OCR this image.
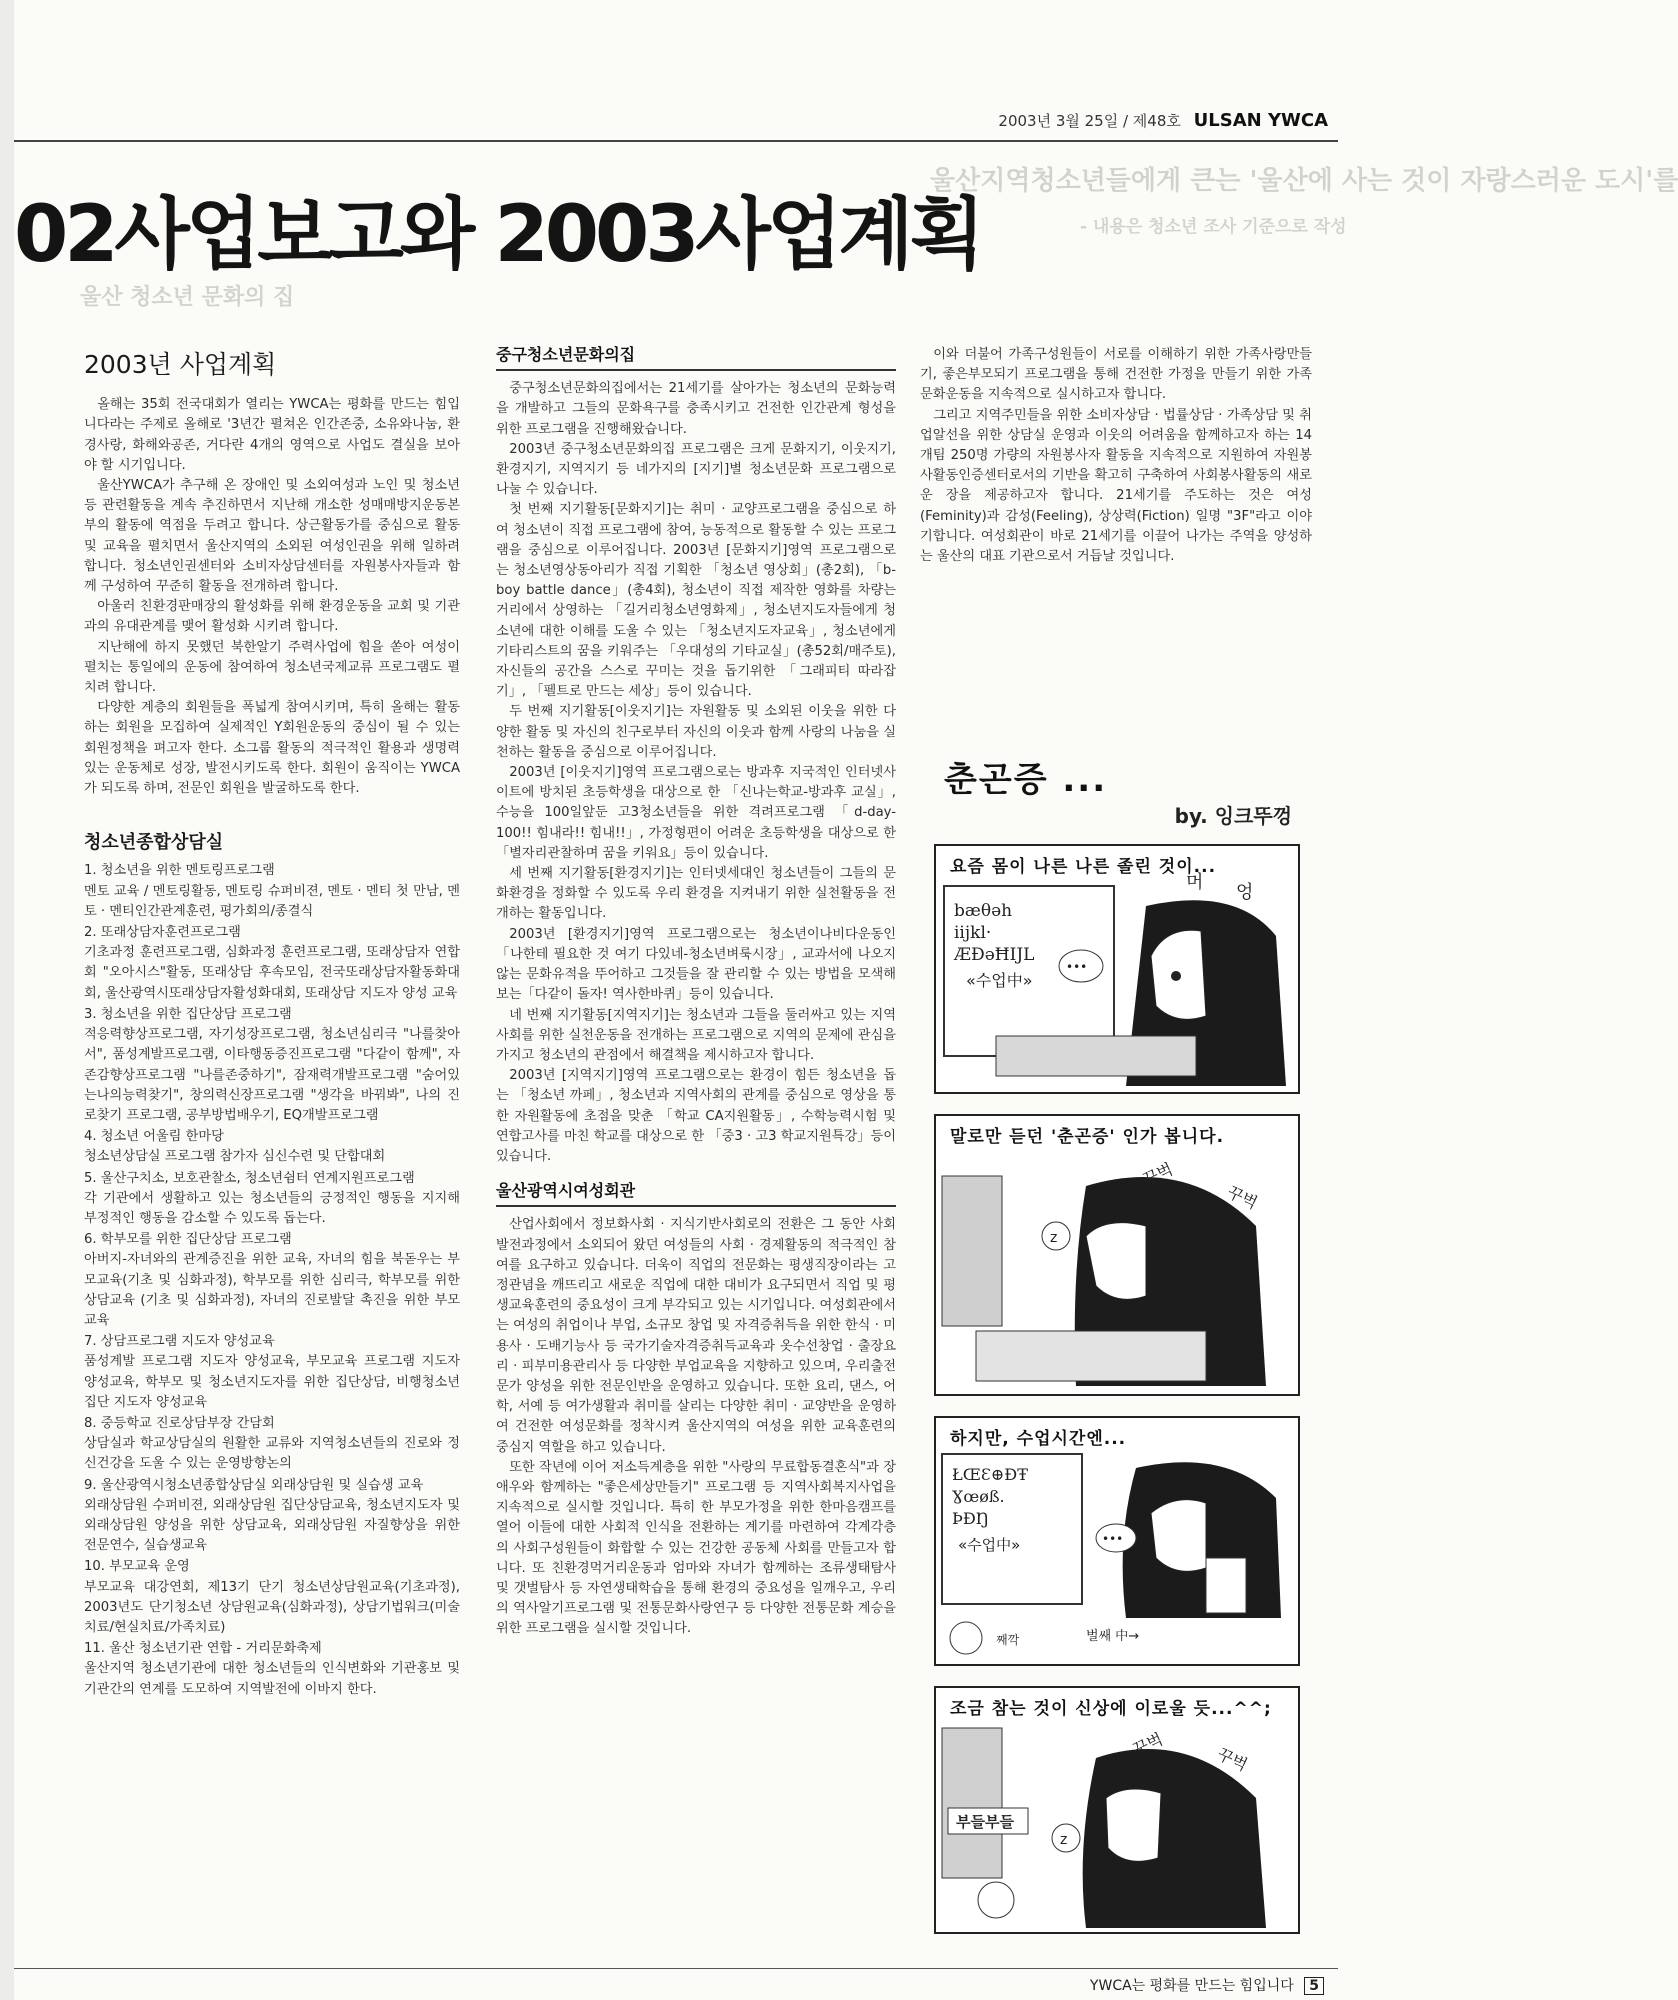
2003년 3월 25일 / 제48호 ULSAN YWCA
울산지역청소년들에게 큰는 '울산에 사는 것이 자랑스러운 도시'를
- 내용은 청소년 조사 기준으로 작성
울산 청소년 문화의 집
02사업보고와 2003사업계획
2003년 사업계획

올해는 35회 전국대회가 열리는 YWCA는 평화를 만드는 힘입니다라는 주제로 올해로 '3년간 펼쳐온 인간존중, 소유와나눔, 환경사랑, 화해와공존, 거다란 4개의 영역으로 사업도 결실을 보아야 할 시기입니다.

울산YWCA가 추구해 온 장애인 및 소외여성과 노인 및 청소년 등 관련활동을 계속 추진하면서 지난해 개소한 성매매방지운동본부의 활동에 역점을 두려고 합니다. 상근활동가를 중심으로 활동 및 교육을 펼치면서 울산지역의 소외된 여성인권을 위해 일하려 합니다. 청소년인권센터와 소비자상담센터를 자원봉사자들과 함께 구성하여 꾸준히 활동을 전개하려 합니다.

아울러 친환경판매장의 활성화를 위해 환경운동을 교회 및 기관과의 유대관계를 맺어 활성화 시키려 합니다.

지난해에 하지 못했던 북한알기 주력사업에 힘을 쏟아 여성이 펼치는 통일에의 운동에 참여하여 청소년국제교류 프로그램도 펼치려 합니다.

다양한 계층의 회원들을 폭넓게 참여시키며, 특히 올해는 활동하는 회원을 모집하여 실제적인 Y회원운동의 중심이 될 수 있는 회원정책을 펴고자 한다. 소그룹 활동의 적극적인 활용과 생명력있는 운동체로 성장, 발전시키도록 한다. 회원이 움직이는 YWCA가 되도록 하며, 전문인 회원을 발굴하도록 한다.

청소년종합상담실
1. 청소년을 위한 멘토링프로그램
멘토 교육 / 멘토링활동, 멘토링 슈퍼비젼, 멘토 · 멘티 첫 만남, 멘토 · 멘티인간관계훈련, 평가회의/종결식
2. 또래상담자훈련프로그램
기초과정 훈련프로그램, 심화과정 훈련프로그램, 또래상담자 연합회 "오아시스"활동, 또래상담 후속모임, 전국또래상담자활동화대회, 울산광역시또래상담자활성화대회, 또래상담 지도자 양성 교육
3. 청소년을 위한 집단상담 프로그램
적응력향상프로그램, 자기성장프로그램, 청소년심리극 "나를찾아서", 품성계발프로그램, 이타행동증진프로그램 "다같이 함께", 자존감향상프로그램 "나를존중하기", 잠재력개발프로그램 "숨어있는나의능력찾기", 창의력신장프로그램 "생각을 바꿔봐", 나의 진로찾기 프로그램, 공부방법배우기, EQ개발프로그램
4. 청소년 어울림 한마당
청소년상담실 프로그램 참가자 심신수련 및 단합대회
5. 울산구치소, 보호관찰소, 청소년쉼터 연계지원프로그램
각 기관에서 생활하고 있는 청소년들의 긍정적인 행동을 지지해 부정적인 행동을 감소할 수 있도록 돕는다.
6. 학부모를 위한 집단상담 프로그램
아버지-자녀와의 관계증진을 위한 교육, 자녀의 힘을 북돋우는 부모교육(기초 및 심화과정), 학부모를 위한 심리극, 학부모를 위한 상담교육 (기초 및 심화과정), 자녀의 진로발달 촉진을 위한 부모교육
7. 상담프로그램 지도자 양성교육
품성계발 프로그램 지도자 양성교육, 부모교육 프로그램 지도자 양성교육, 학부모 및 청소년지도자를 위한 집단상담, 비행청소년 집단 지도자 양성교육
8. 중등학교 진로상담부장 간담회
상담실과 학교상담실의 원활한 교류와 지역청소년들의 진로와 정신건강을 도울 수 있는 운영방향논의
9. 울산광역시청소년종합상담실 외래상담원 및 실습생 교육
외래상담원 수퍼비젼, 외래상담원 집단상담교육, 청소년지도자 및 외래상담원 양성을 위한 상담교육, 외래상담원 자질향상을 위한 전문연수, 실습생교육
10. 부모교육 운영
부모교육 대강연회, 제13기 단기 청소년상담원교육(기초과정), 2003년도 단기청소년 상담원교육(심화과정), 상담기법워크(미술치료/현실치료/가족치료)
11. 울산 청소년기관 연합 - 거리문화축제
울산지역 청소년기관에 대한 청소년들의 인식변화와 기관홍보 및 기관간의 연계를 도모하여 지역발전에 이바지 한다.
중구청소년문화의집

중구청소년문화의집에서는 21세기를 살아가는 청소년의 문화능력을 개발하고 그들의 문화욕구를 충족시키고 건전한 인간관계 형성을 위한 프로그램을 진행해왔습니다.

2003년 중구청소년문화의집 프로그램은 크게 문화지기, 이웃지기, 환경지기, 지역지기 등 네가지의 [지기]별 청소년문화 프로그램으로 나눌 수 있습니다.

첫 번째 지기활동[문화지기]는 취미 · 교양프로그램을 중심으로 하여 청소년이 직접 프로그램에 참여, 능동적으로 활동할 수 있는 프로그램을 중심으로 이루어집니다. 2003년 [문화지기]영역 프로그램으로는 청소년영상동아리가 직접 기획한 「청소년 영상회」(총2회), 「b-boy battle dance」(총4회), 청소년이 직접 제작한 영화를 차량는 거리에서 상영하는 「길거리청소년영화제」, 청소년지도자들에게 청소년에 대한 이해를 도울 수 있는 「청소년지도자교육」, 청소년에게 기타리스트의 꿈을 키워주는 「우대성의 기타교실」(총52회/매주토), 자신들의 공간을 스스로 꾸미는 것을 돕기위한 「그래피티 따라잡기」, 「펠트로 만드는 세상」등이 있습니다.

두 번째 지기활동[이웃지기]는 자원활동 및 소외된 이웃을 위한 다양한 활동 및 자신의 친구로부터 자신의 이웃과 함께 사랑의 나눔을 실천하는 활동을 중심으로 이루어집니다.

2003년 [이웃지기]영역 프로그램으로는 방과후 지국적인 인터넷사이트에 방치된 초등학생을 대상으로 한 「신나는학교-방과후 교실」, 수능을 100일앞둔 고3청소년들을 위한 격려프로그램 「d-day-100!! 힘내라!! 힘내!!」, 가정형편이 어려운 초등학생을 대상으로 한 「별자리관찰하며 꿈을 키워요」등이 있습니다.

세 번째 지기활동[환경지기]는 인터넷세대인 청소년들이 그들의 문화환경을 정화할 수 있도록 우리 환경을 지켜내기 위한 실천활동을 전개하는 활동입니다.

2003년 [환경지기]영역 프로그램으로는 청소년이나비다운동인「나한테 필요한 것 여기 다있네-청소년벼룩시장」, 교과서에 나오지 않는 문화유적을 뚜어하고 그것들을 잘 관리할 수 있는 방법을 모색해보는「다같이 돌자! 역사한바퀴」등이 있습니다.

네 번째 지기활동[지역지기]는 청소년과 그들을 둘러싸고 있는 지역사회를 위한 실천운동을 전개하는 프로그램으로 지역의 문제에 관심을 가지고 청소년의 관점에서 해결책을 제시하고자 합니다.

2003년 [지역지기]영역 프로그램으로는 환경이 힘든 청소년을 돕는 「청소년 까페」, 청소년과 지역사회의 관계를 중심으로 영상을 통한 자원활동에 초점을 맞춘 「학교 CA지원활동」, 수학능력시험 및 연합고사를 마친 학교를 대상으로 한 「중3 · 고3 학교지원특강」등이 있습니다.

울산광역시여성회관

산업사회에서 정보화사회 · 지식기반사회로의 전환은 그 동안 사회발전과정에서 소외되어 왔던 여성들의 사회 · 경제활동의 적극적인 참여를 요구하고 있습니다. 더욱이 직업의 전문화는 평생직장이라는 고정관념을 깨뜨리고 새로운 직업에 대한 대비가 요구되면서 직업 및 평생교육훈련의 중요성이 크게 부각되고 있는 시기입니다. 여성회관에서는 여성의 취업이나 부업, 소규모 창업 및 자격증취득을 위한 한식 · 미용사 · 도배기능사 등 국가기술자격증취득교육과 옷수선창업 · 출장요리 · 피부미용관리사 등 다양한 부업교육을 지향하고 있으며, 우리출전문가 양성을 위한 전문인반을 운영하고 있습니다. 또한 요리, 댄스, 어학, 서예 등 여가생활과 취미를 살리는 다양한 취미 · 교양반을 운영하여 건전한 여성문화를 정착시켜 울산지역의 여성을 위한 교육훈련의 중심지 역할을 하고 있습니다.

또한 작년에 이어 저소득계층을 위한 "사랑의 무료합동결혼식"과 장애우와 함께하는 "좋은세상만들기" 프로그램 등 지역사회복지사업을 지속적으로 실시할 것입니다. 특히 한 부모가정을 위한 한마음캠프를 열어 이들에 대한 사회적 인식을 전환하는 계기를 마련하여 각계각층의 사회구성원들이 화합할 수 있는 건강한 공동체 사회를 만들고자 합니다. 또 친환경먹거리운동과 엄마와 자녀가 함께하는 조류생태탐사 및 갯벌탐사 등 자연생태학습을 통해 환경의 중요성을 일깨우고, 우리의 역사알기프로그램 및 전통문화사랑연구 등 다양한 전통문화 계승을 위한 프로그램을 실시할 것입니다.

이와 더불어 가족구성원들이 서로를 이해하기 위한 가족사랑만들기, 좋은부모되기 프로그램을 통해 건전한 가정을 만들기 위한 가족문화운동을 지속적으로 실시하고자 합니다.

그리고 지역주민들을 위한 소비자상담 · 법률상담 · 가족상담 및 취업알선을 위한 상담실 운영과 이웃의 어려움을 함께하고자 하는 14개팀 250명 가량의 자원봉사자 활동을 지속적으로 지원하여 자원봉사활동인증센터로서의 기반을 확고히 구축하여 사회봉사활동의 새로운 장을 제공하고자 합니다. 21세기를 주도하는 것은 여성(Feminity)과 감성(Feeling), 상상력(Fiction) 일명 "3F"라고 이야기합니다. 여성회관이 바로 21세기를 이끌어 나가는 주역을 양성하는 울산의 대표 기관으로서 거듭날 것입니다.

춘곤증 ...
by. 잉크뚜껑
요즘 몸이 나른 나른 졸린 것이...
bæθəh
iijkl·
ÆÐəĦIJL
«수업中»
•••
머 엉
말로만 듣던 '춘곤증' 인가 봅니다.
꾸벅
꾸벅
z
하지만, 수업시간엔...
ŁŒƐ⊕ÐŦ
Ɣœøß.
ÞÐŊ
«수업中»	•••
째깍	벌쌔 中→
조금 참는 것이 신상에 이로울 듯...^^;
부들부들
꾸벅	꾸벅
z
YWCA는 평화를 만드는 힘입니다 5
